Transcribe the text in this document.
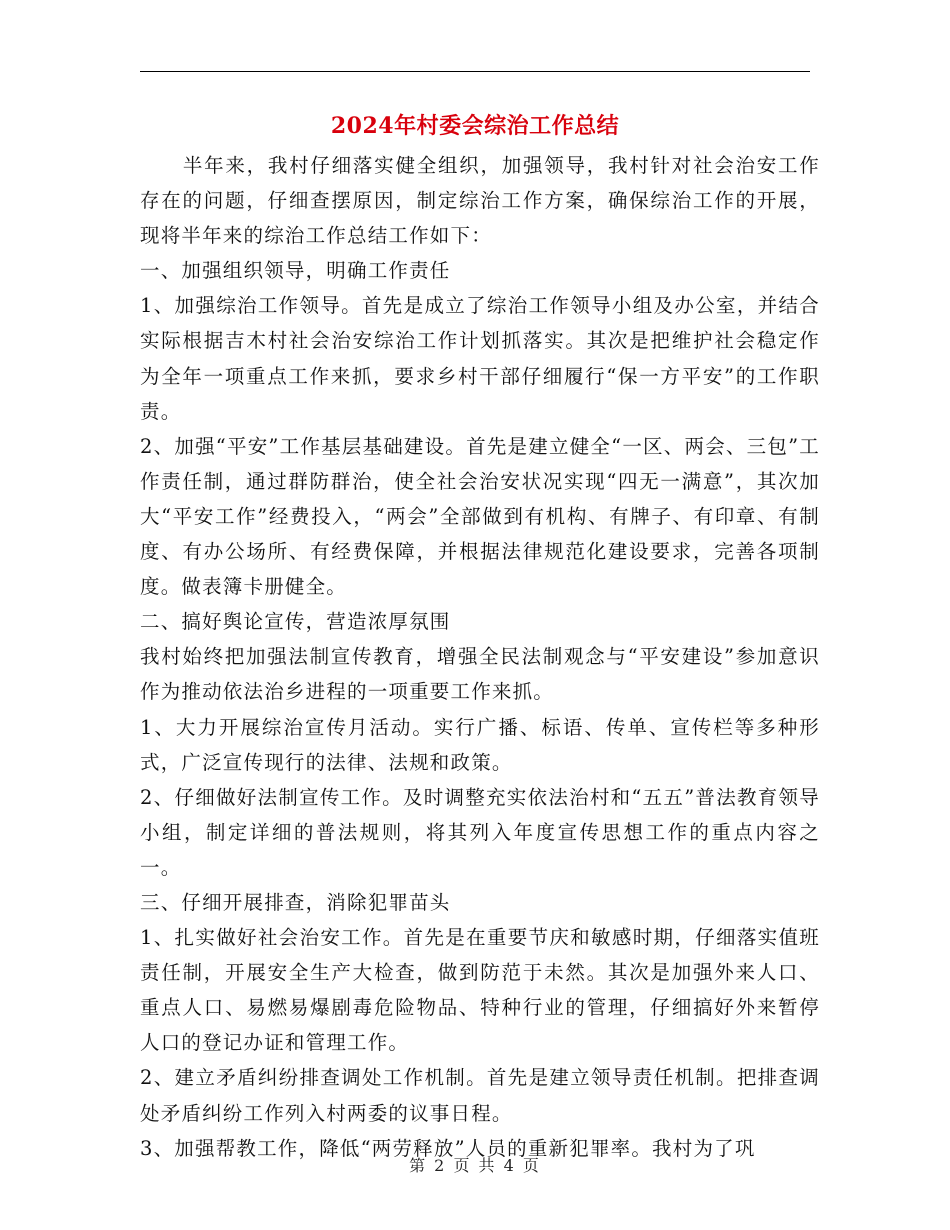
2024年村委会综治工作总结

半年来，我村仔细落实健全组织，加强领导，我村针对社会治安工作存在的问题，仔细查摆原因，制定综治工作方案，确保综治工作的开展，现将半年来的综治工作总结工作如下：

一、加强组织领导，明确工作责任

1、加强综治工作领导。首先是成立了综治工作领导小组及办公室，并结合实际根据吉木村社会治安综治工作计划抓落实。其次是把维护社会稳定作为全年一项重点工作来抓，要求乡村干部仔细履行“保一方平安”的工作职责。

2、加强“平安”工作基层基础建设。首先是建立健全“一区、两会、三包”工作责任制，通过群防群治，使全社会治安状况实现“四无一满意”，其次加大“平安工作”经费投入，“两会”全部做到有机构、有牌子、有印章、有制度、有办公场所、有经费保障，并根据法律规范化建设要求，完善各项制度。做表簿卡册健全。

二、搞好舆论宣传，营造浓厚氛围

我村始终把加强法制宣传教育，增强全民法制观念与“平安建设”参加意识作为推动依法治乡进程的一项重要工作来抓。

1、大力开展综治宣传月活动。实行广播、标语、传单、宣传栏等多种形式，广泛宣传现行的法律、法规和政策。

2、仔细做好法制宣传工作。及时调整充实依法治村和“五五”普法教育领导小组，制定详细的普法规则，将其列入年度宣传思想工作的重点内容之一。

三、仔细开展排查，消除犯罪苗头

1、扎实做好社会治安工作。首先是在重要节庆和敏感时期，仔细落实值班责任制，开展安全生产大检查，做到防范于未然。其次是加强外来人口、重点人口、易燃易爆剧毒危险物品、特种行业的管理，仔细搞好外来暂停人口的登记办证和管理工作。

2、建立矛盾纠纷排查调处工作机制。首先是建立领导责任机制。把排查调处矛盾纠纷工作列入村两委的议事日程。

3、加强帮教工作，降低“两劳释放”人员的重新犯罪率。我村为了巩

第 2 页 共 4 页
